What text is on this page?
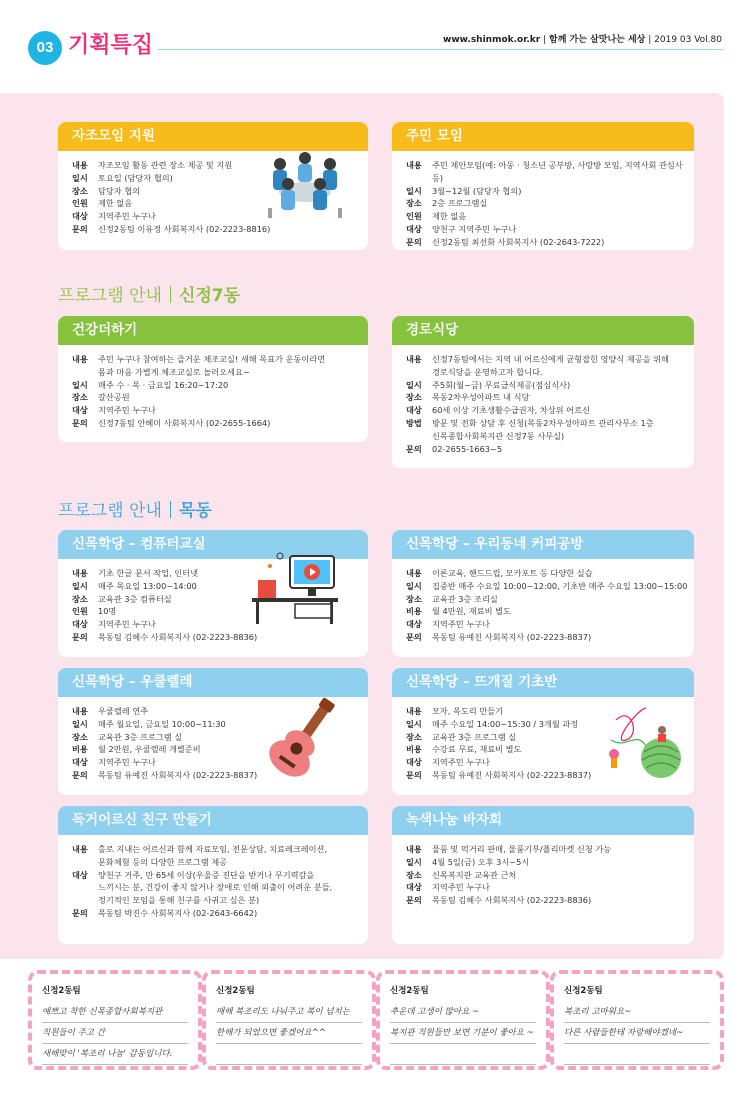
03 기획특집	www.shinmok.or.kr | 함께 가는 살맛나는 세상 | 2019 03 Vol.80
자조모임 지원
내용	자조모임 활동 관련 장소 제공 및 지원
일시	토요일 (담당자 협의)
장소	담당자 협의
인원	제한 없음
대상	지역주민 누구나
문의	신정2동팀 이유정 사회복지사 (02-2223-8816)
주민 모임
내용	주민 제안모임(예: 아동 · 청소년 공부방, 사랑방 모임, 지역사회 관심사 등)
일시	3월~12월 (담당자 협의)
장소	2층 프로그램실
인원	제한 없음
대상	양천구 지역주민 누구나
문의	신정2동팀 최선화 사회복지사 (02-2643-7222)
프로그램 안내 신정7동
건강더하기
내용	주민 누구나 참여하는 즐거운 체조교실! 새해 목표가 운동이라면
몸과 마음 가볍게 체조교실로 놀러오세요~
일시	매주 수 · 목 · 금요일 16:20~17:20
장소	갈산공원
대상	지역주민 누구나
문의	신정7동팀 안혜미 사회복지사 (02-2655-1664)
경로식당
내용	신정7동팀에서는 지역 내 어르신에게 균형잡힌 영양식 제공을 위해
경로식당을 운영하고자 합니다.
일시	주5회(월~금) 무료급식제공(점심식사)
장소	목동2차우성아파트 내 식당
대상	60세 이상 기초생활수급권자, 차상위 어르신
방법	방문 및 전화 상담 후 신청(목동2차우성아파트 관리사무소 1층
신목종합사회복지관 신정7동 사무실)
문의	02-2655-1663~5
프로그램 안내 목동
신목학당 – 컴퓨터교실
내용	기초 한글 문서 작업, 인터넷
일시	매주 목요일 13:00~14:00
장소	교육관 3층 컴퓨터실
인원	10명
대상	지역주민 누구나
문의	목동팀 김혜수 사회복지사 (02-2223-8836)
신목학당 – 우리동네 커피공방
내용	이론교육, 핸드드립, 모카포트 등 다양한 실습
일시	집중반 매주 수요일 10:00~12:00, 기초반 매주 수요일 13:00~15:00
장소	교육관 3층 조리실
비용	월 4만원, 재료비 별도
대상	지역주민 누구나
문의	목동팀 유예진 사회복지사 (02-2223-8837)
신목학당 – 우쿨렐레
내용	우쿨렐레 연주
일시	매주 월요일, 금요일 10:00~11:30
장소	교육관 3층 프로그램 실
비용	월 2만원, 우쿨렐레 개별준비
대상	지역주민 누구나
문의	목동팀 유예진 사회복지사 (02-2223-8837)
신목학당 – 뜨개질 기초반
내용	모자, 목도리 만들기
일시	매주 수요일 14:00~15:30 / 3개월 과정
장소	교육관 3층 프로그램 실
비용	수강료 무료, 재료비 별도
대상	지역주민 누구나
문의	목동팀 유예진 사회복지사 (02-2223-8837)
독거어르신 친구 만들기
내용	홀로 지내는 어르신과 함께 자료모임, 전문상담, 치료레크레이션,
문화체험 등의 다양한 프로그램 제공
대상	양천구 거주, 만 65세 이상(우울증 진단을 받거나 무기력감을
느끼시는 분, 건강이 좋지 않거나 장애로 인해 외출이 어려운 분들,
정기적인 모임을 통해 친구를 사귀고 싶은 분)
문의	목동팀 박진수 사회복지사 (02-2643-6642)
녹색나눔 바자회
내용	물품 및 먹거리 판매, 물품기부/플리마켓 신청 가능
일시	4월 5일(금) 오후 3시~5시
장소	신목복지관 교육관 근처
대상	지역주민 누구나
문의	목동팀 김혜수 사회복지사 (02-2223-8836)
신정2동팀
예쁘고 착한 신목종합사회복지관
직원들이 주고 간
새해맞이 '복조리 나눔' 감동입니다.
신정2동팀
매해 복조리도 나눠주고 복이 넘치는
한해가 되었으면 좋겠어요^^
신정2동팀
추운데 고생이 많아요 ~
복지관 직원들만 보면 기분이 좋아요 ~
신정2동팀
복조리 고마워요~
다른 사람들한테 자랑해야겠네~
